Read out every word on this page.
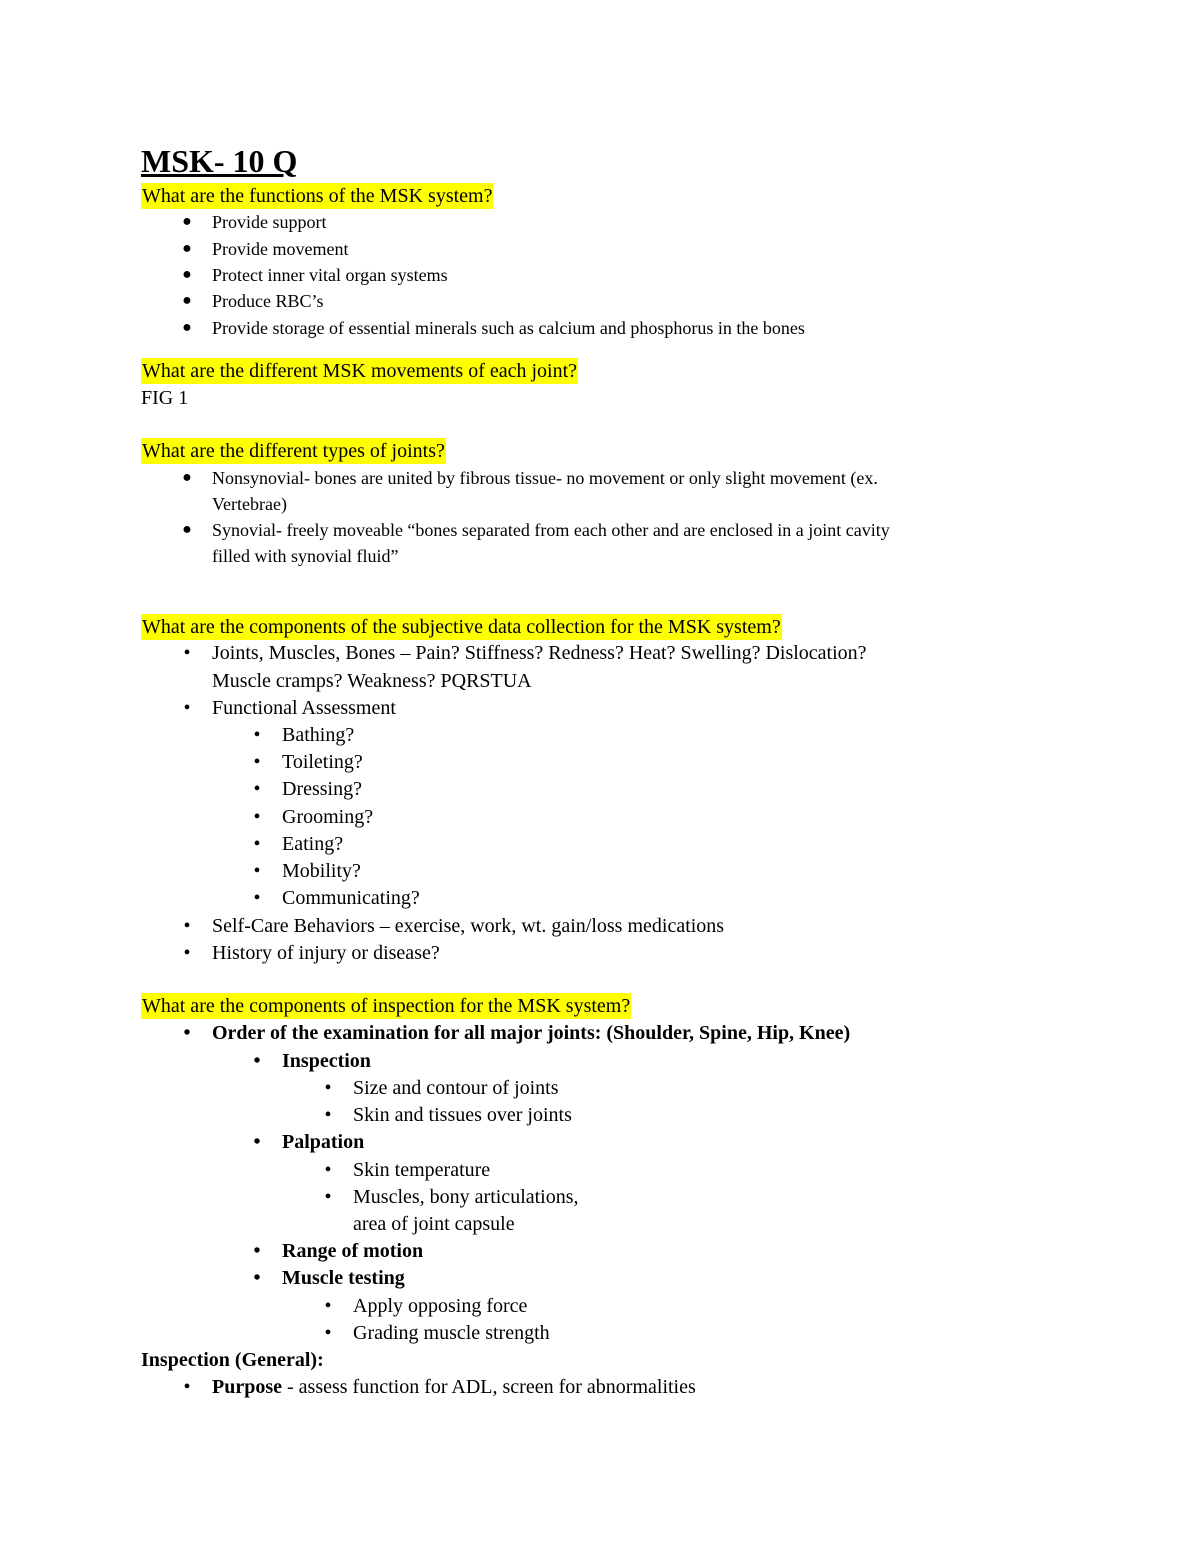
MSK- 10 Q
What are the functions of the MSK system?
● Provide support
● Provide movement
● Protect inner vital organ systems
● Produce RBC’s
● Provide storage of essential minerals such as calcium and phosphorus in the bones
What are the different MSK movements of each joint?
FIG 1
What are the different types of joints?
● Nonsynovial- bones are united by fibrous tissue- no movement or only slight movement (ex.
Vertebrae)
● Synovial- freely moveable “bones separated from each other and are enclosed in a joint cavity
filled with synovial fluid”
What are the components of the subjective data collection for the MSK system?
•	Joints, Muscles, Bones – Pain? Stiffness? Redness? Heat? Swelling? Dislocation?
Muscle cramps? Weakness? PQRSTUA
•	Functional Assessment
•	Bathing?
•	Toileting?
•	Dressing?
•	Grooming?
•	Eating?
•	Mobility?
•	Communicating?
•	Self-Care Behaviors – exercise, work, wt. gain/loss medications
•	History of injury or disease?
What are the components of inspection for the MSK system?
•	Order of the examination for all major joints: (Shoulder, Spine, Hip, Knee)
•	Inspection
•	Size and contour of joints
•	Skin and tissues over joints
•	Palpation
•	Skin temperature
•	Muscles, bony articulations,
area of joint capsule
•	Range of motion
•	Muscle testing
•	Apply opposing force
•	Grading muscle strength
Inspection (General):
•	Purpose - assess function for ADL, screen for abnormalities
